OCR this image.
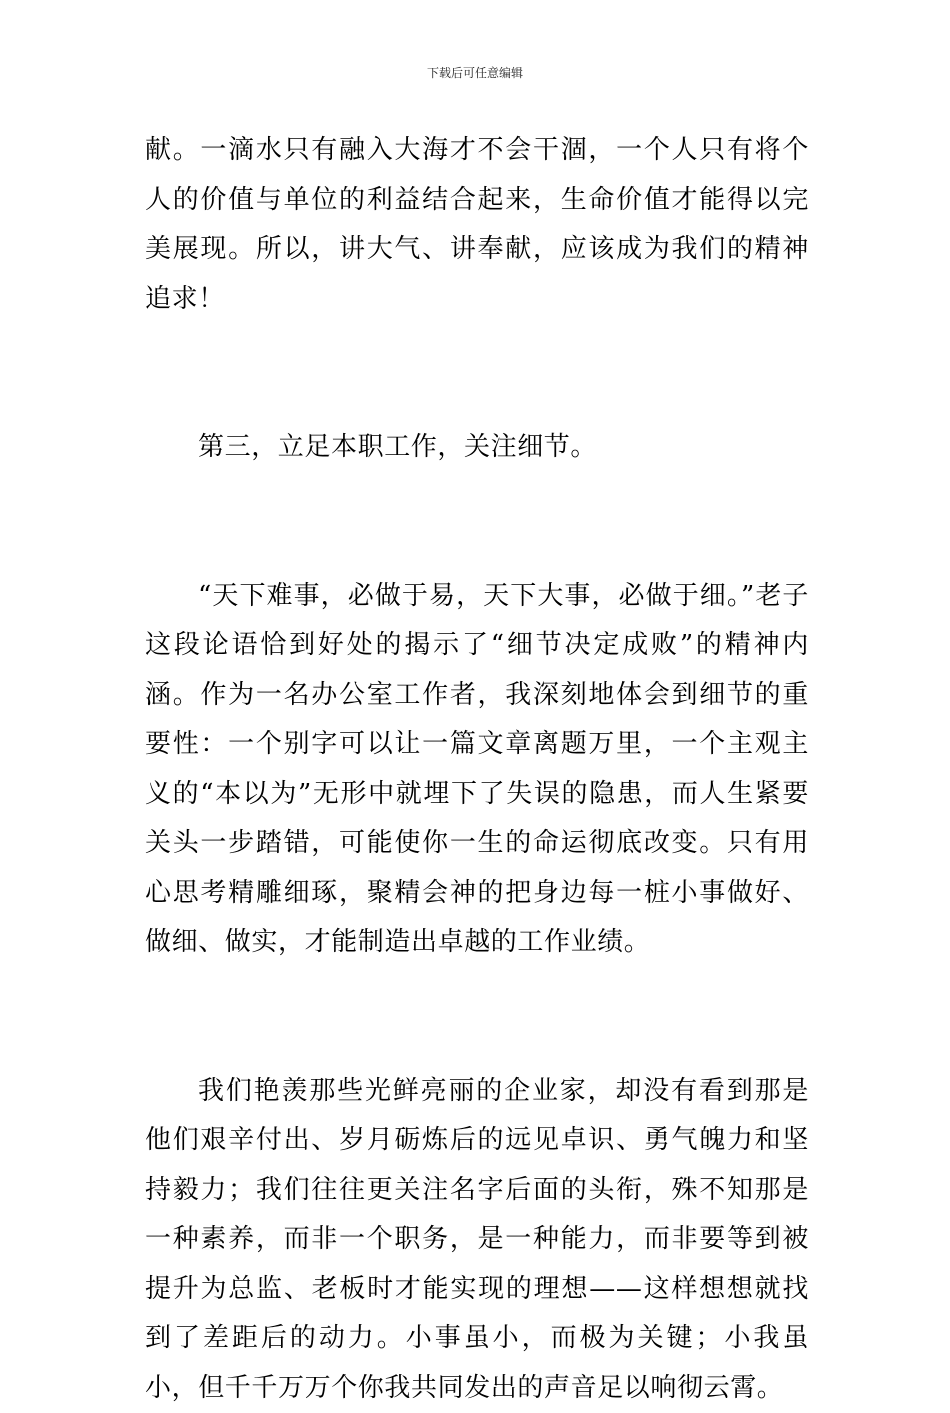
下载后可任意编辑

献。一滴水只有融入大海才不会干涸，一个人只有将个人的价值与单位的利益结合起来，生命价值才能得以完美展现。所以，讲大气、讲奉献，应该成为我们的精神追求！

第三，立足本职工作，关注细节。

“天下难事，必做于易，天下大事，必做于细。”老子这段论语恰到好处的揭示了“细节决定成败”的精神内涵。作为一名办公室工作者，我深刻地体会到细节的重要性：一个别字可以让一篇文章离题万里，一个主观主义的“本以为”无形中就埋下了失误的隐患，而人生紧要关头一步踏错，可能使你一生的命运彻底改变。只有用心思考精雕细琢，聚精会神的把身边每一桩小事做好、做细、做实，才能制造出卓越的工作业绩。

我们艳羡那些光鲜亮丽的企业家，却没有看到那是他们艰辛付出、岁月砺炼后的远见卓识、勇气魄力和坚持毅力；我们往往更关注名字后面的头衔，殊不知那是一种素养，而非一个职务，是一种能力，而非要等到被提升为总监、老板时才能实现的理想——这样想想就找到了差距后的动力。小事虽小，而极为关键；小我虽小，但千千万万个你我共同发出的声音足以响彻云霄。
